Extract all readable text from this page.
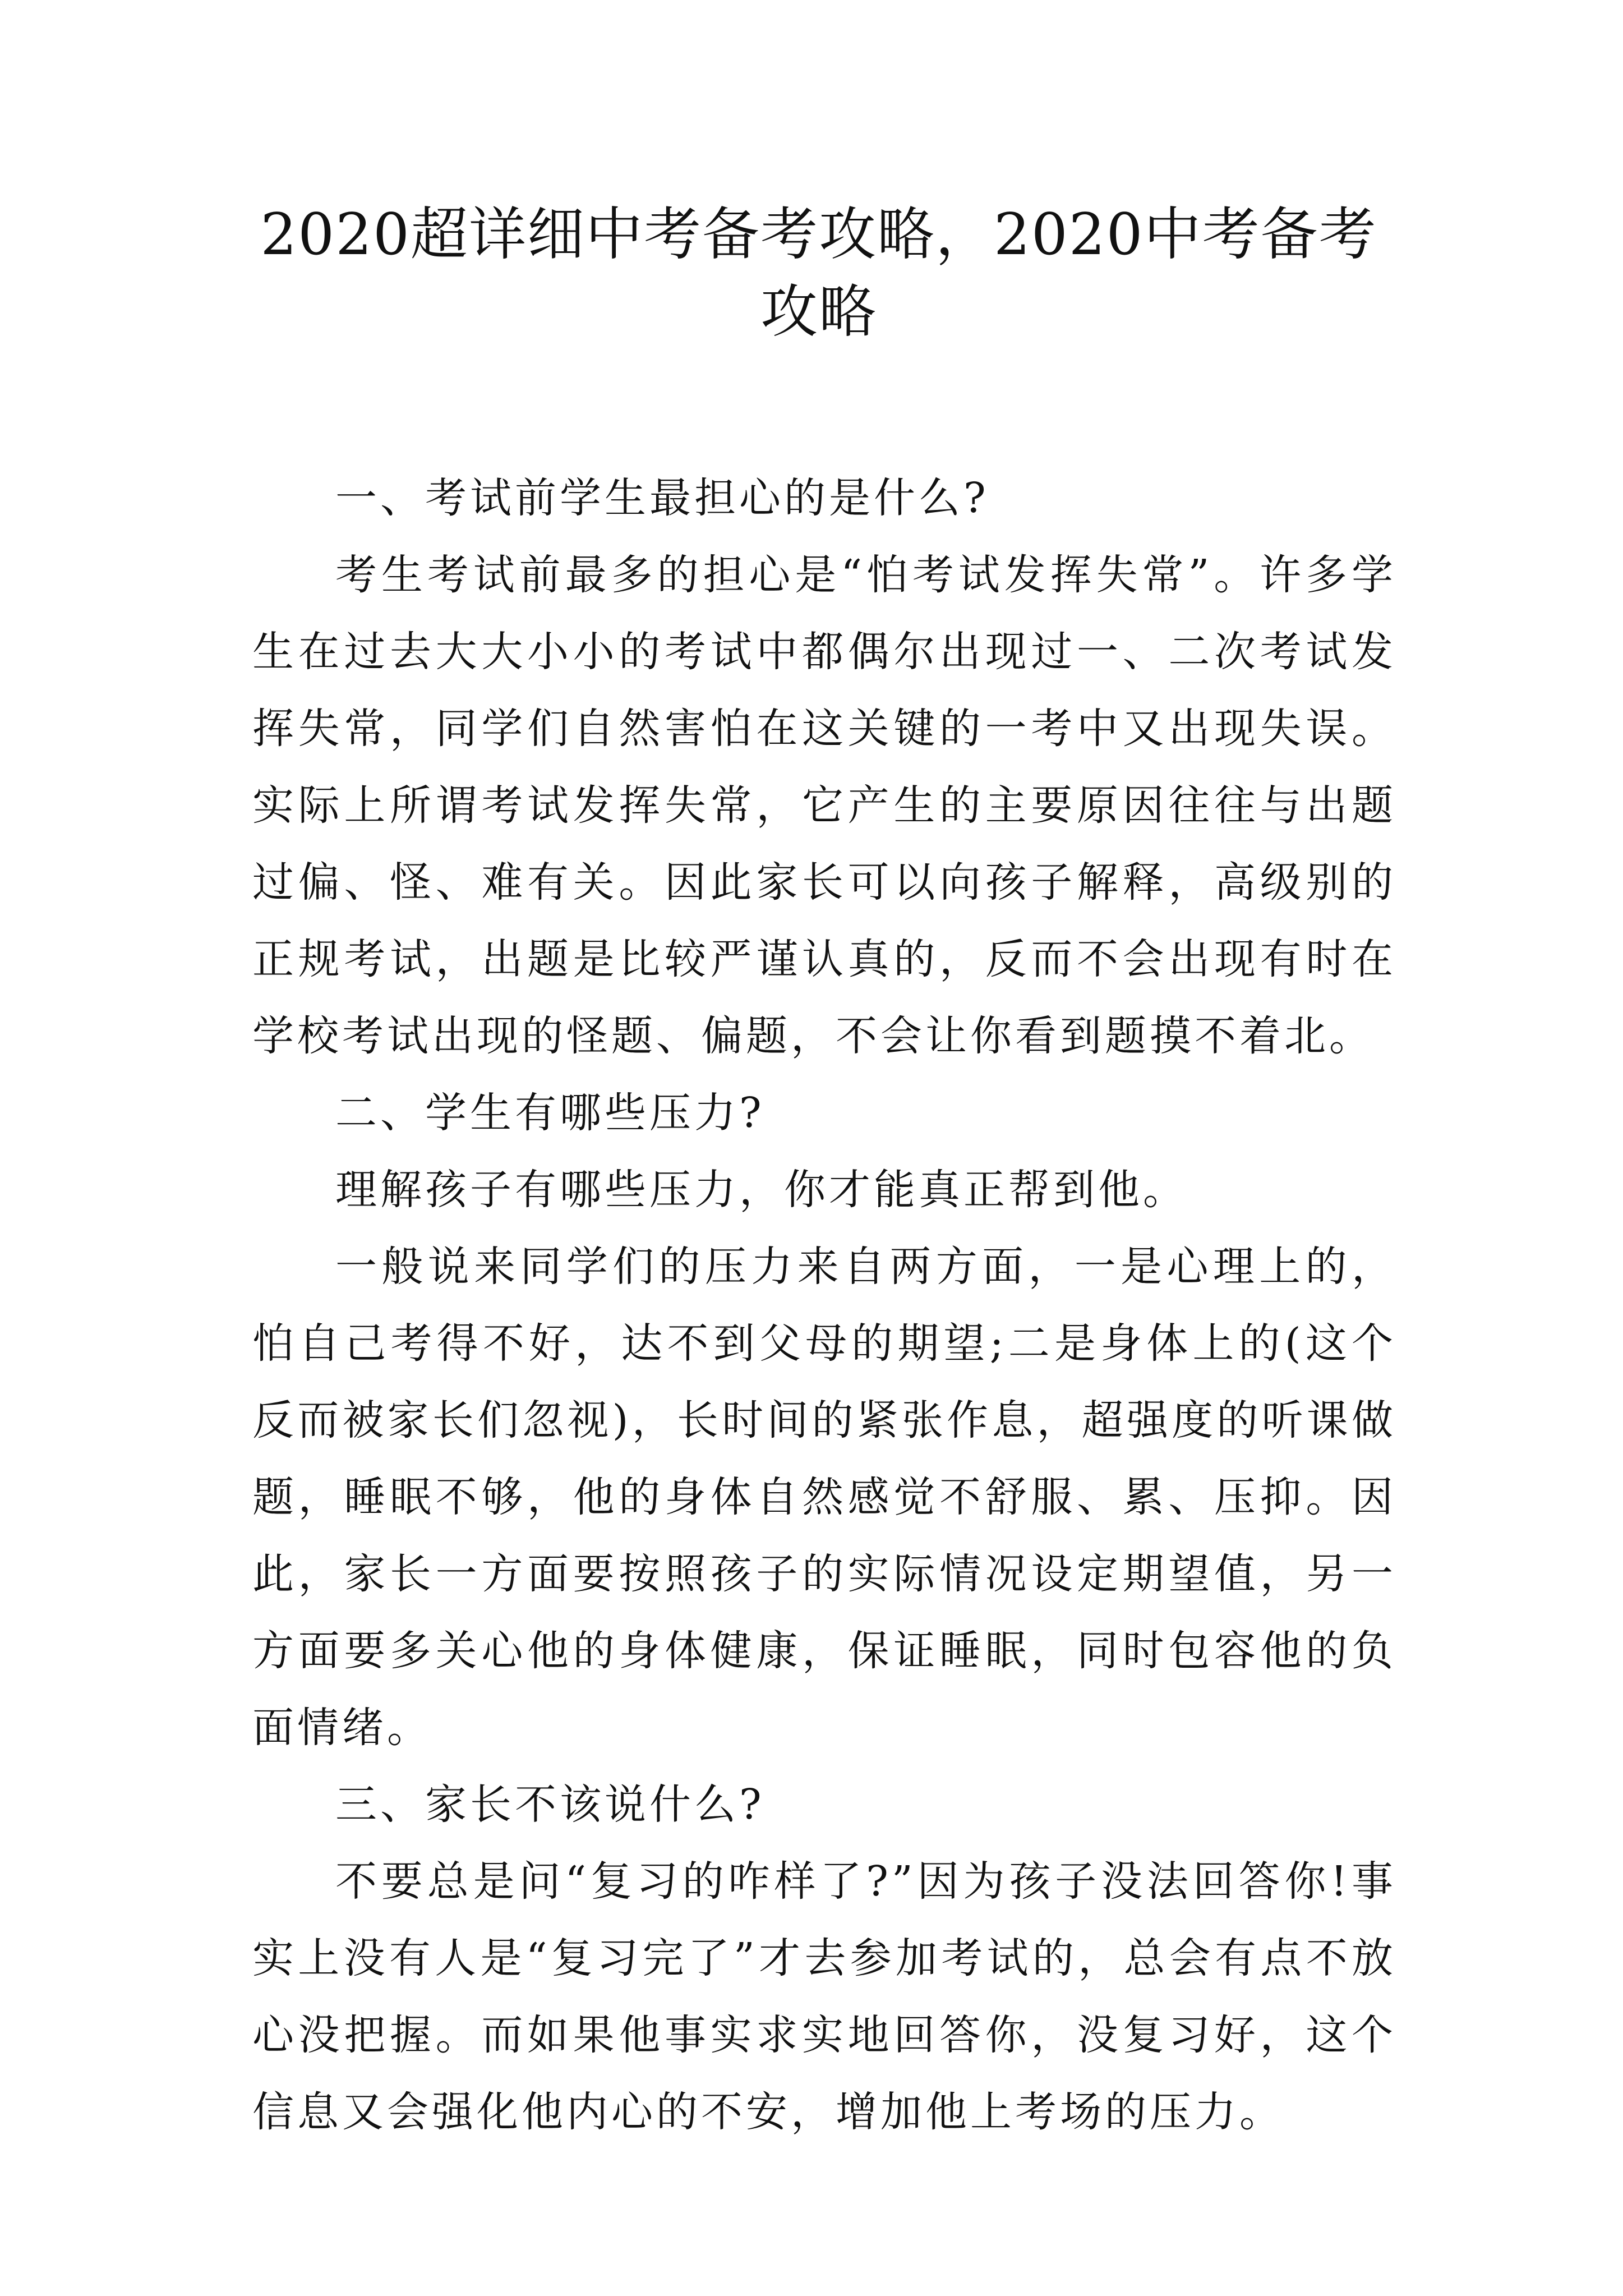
2020超详细中考备考攻略，2020中考备考攻略

一、考试前学生最担心的是什么?

考生考试前最多的担心是“怕考试发挥失常”。许多学生在过去大大小小的考试中都偶尔出现过一、二次考试发挥失常，同学们自然害怕在这关键的一考中又出现失误。实际上所谓考试发挥失常，它产生的主要原因往往与出题过偏、怪、难有关。因此家长可以向孩子解释，高级别的正规考试，出题是比较严谨认真的，反而不会出现有时在学校考试出现的怪题、偏题，不会让你看到题摸不着北。

二、学生有哪些压力?

理解孩子有哪些压力，你才能真正帮到他。

一般说来同学们的压力来自两方面，一是心理上的，怕自己考得不好，达不到父母的期望;二是身体上的(这个反而被家长们忽视)，长时间的紧张作息，超强度的听课做题，睡眠不够，他的身体自然感觉不舒服、累、压抑。因此，家长一方面要按照孩子的实际情况设定期望值，另一方面要多关心他的身体健康，保证睡眠，同时包容他的负面情绪。

三、家长不该说什么?

不要总是问“复习的咋样了?”因为孩子没法回答你!事实上没有人是“复习完了”才去参加考试的，总会有点不放心没把握。而如果他事实求实地回答你，没复习好，这个信息又会强化他内心的不安，增加他上考场的压力。
